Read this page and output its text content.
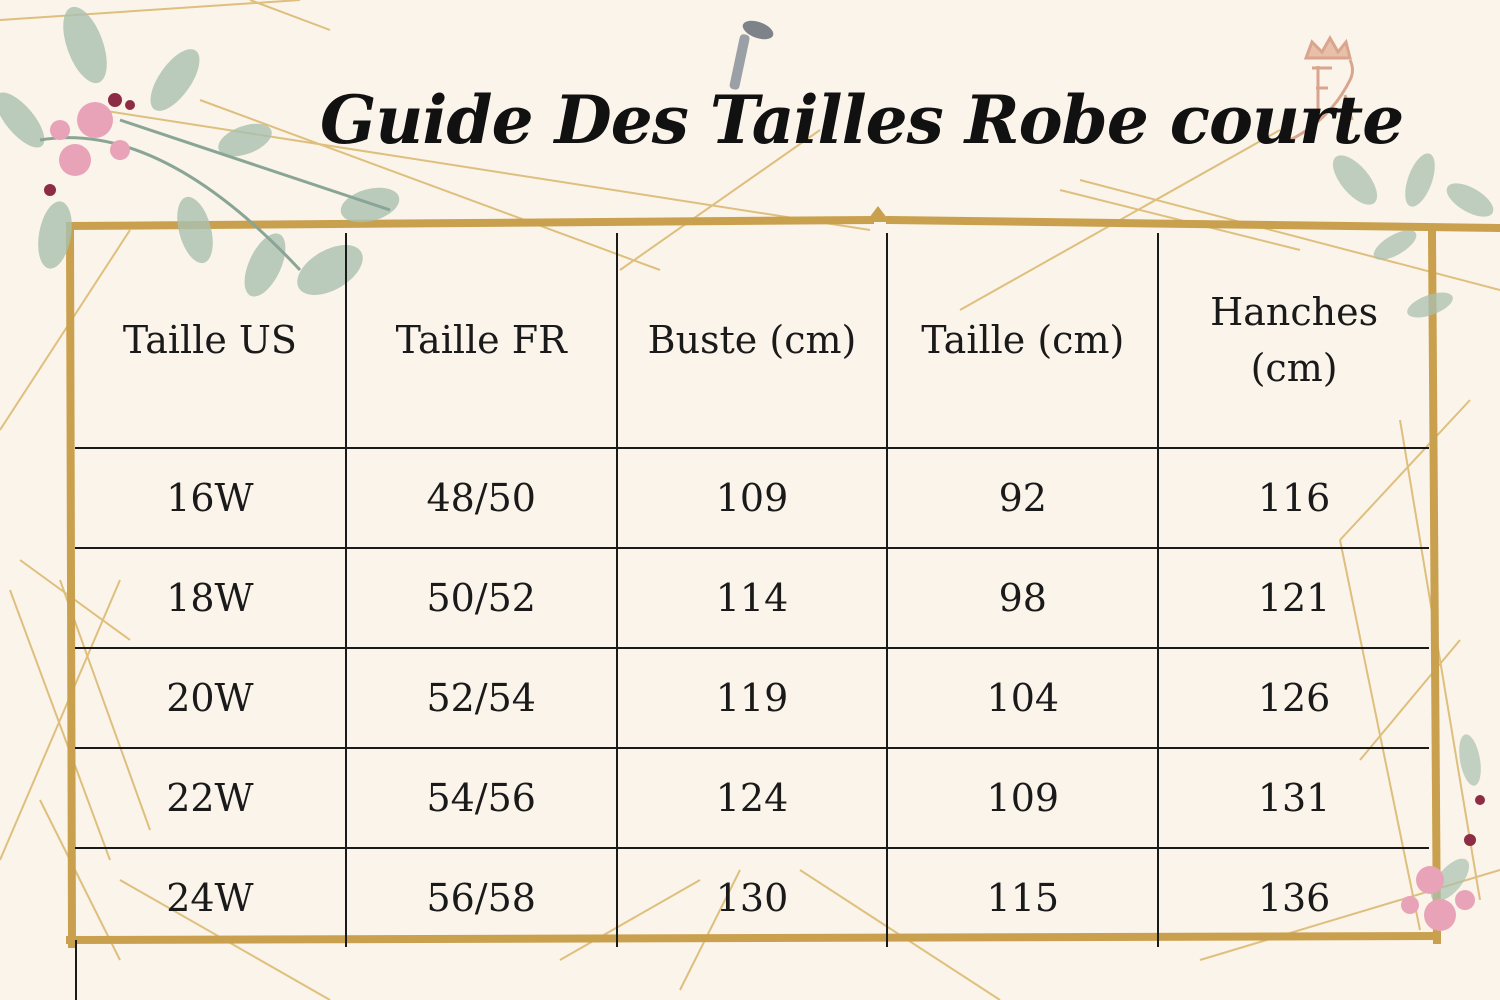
Guide Des Tailles Robe courte
Taille US	Taille FR	Buste (cm)	Taille (cm)	Hanches (cm)
16W	48/50	109	92	116
18W	50/52	114	98	121
20W	52/54	119	104	126
22W	54/56	124	109	131
24W	56/58	130	115	136
